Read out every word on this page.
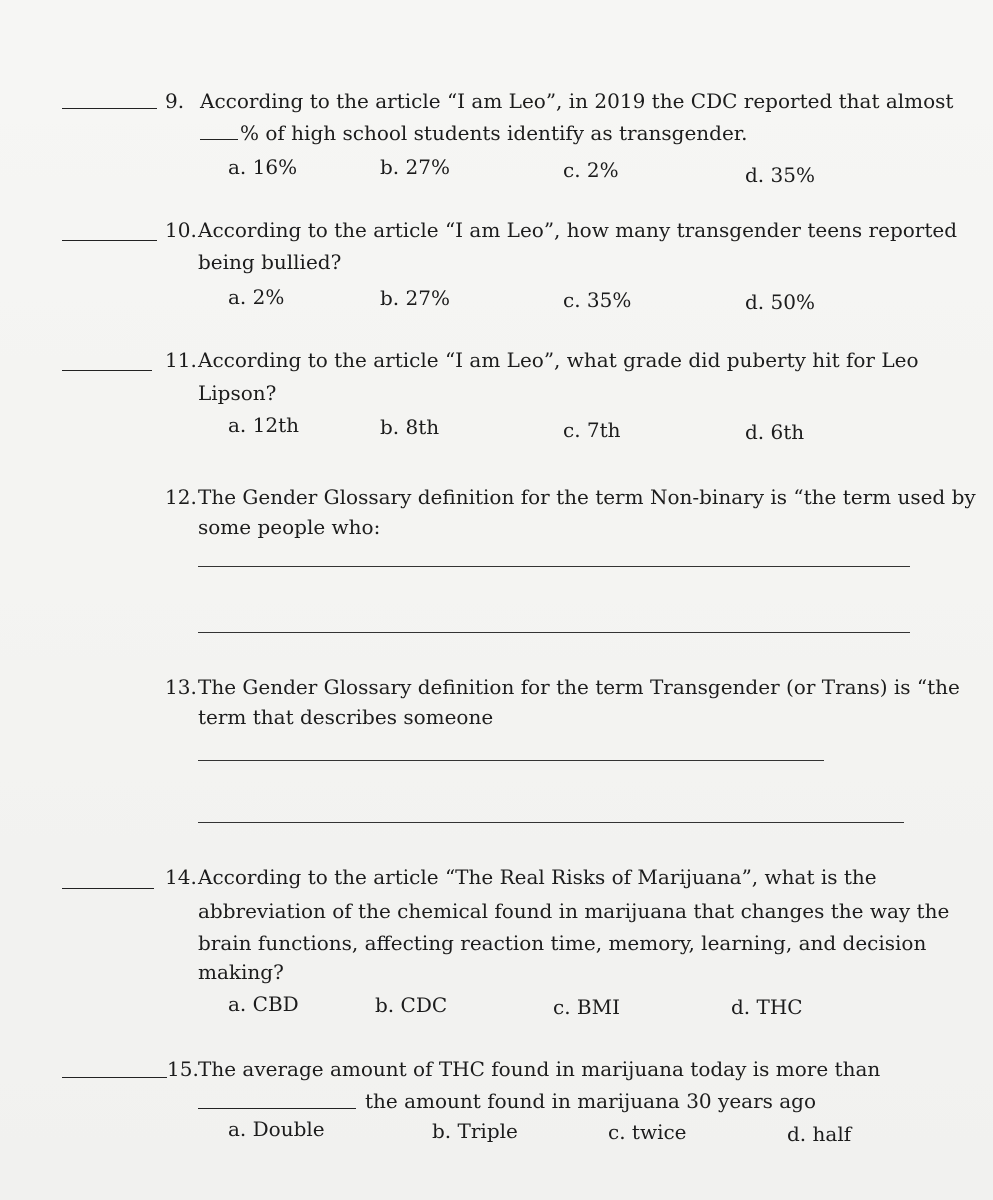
9. According to the article “I am Leo”, in 2019 the CDC reported that almost
% of high school students identify as transgender.
a. 16%	b. 27%	c. 2%	d. 35%
10. According to the article “I am Leo”, how many transgender teens reported
being bullied?
a. 2%	b. 27%	c. 35%	d. 50%
11. According to the article “I am Leo”, what grade did puberty hit for Leo
Lipson?
a. 12th	b. 8th	c. 7th	d. 6th
12. The Gender Glossary definition for the term Non-binary is “the term used by
some people who:
13. The Gender Glossary definition for the term Transgender (or Trans) is “the
term that describes someone
14. According to the article “The Real Risks of Marijuana”, what is the
abbreviation of the chemical found in marijuana that changes the way the
brain functions, affecting reaction time, memory, learning, and decision
making?
a. CBD	b. CDC	c. BMI	d. THC
15. The average amount of THC found in marijuana today is more than
the amount found in marijuana 30 years ago
a. Double	b. Triple	c. twice	d. half
